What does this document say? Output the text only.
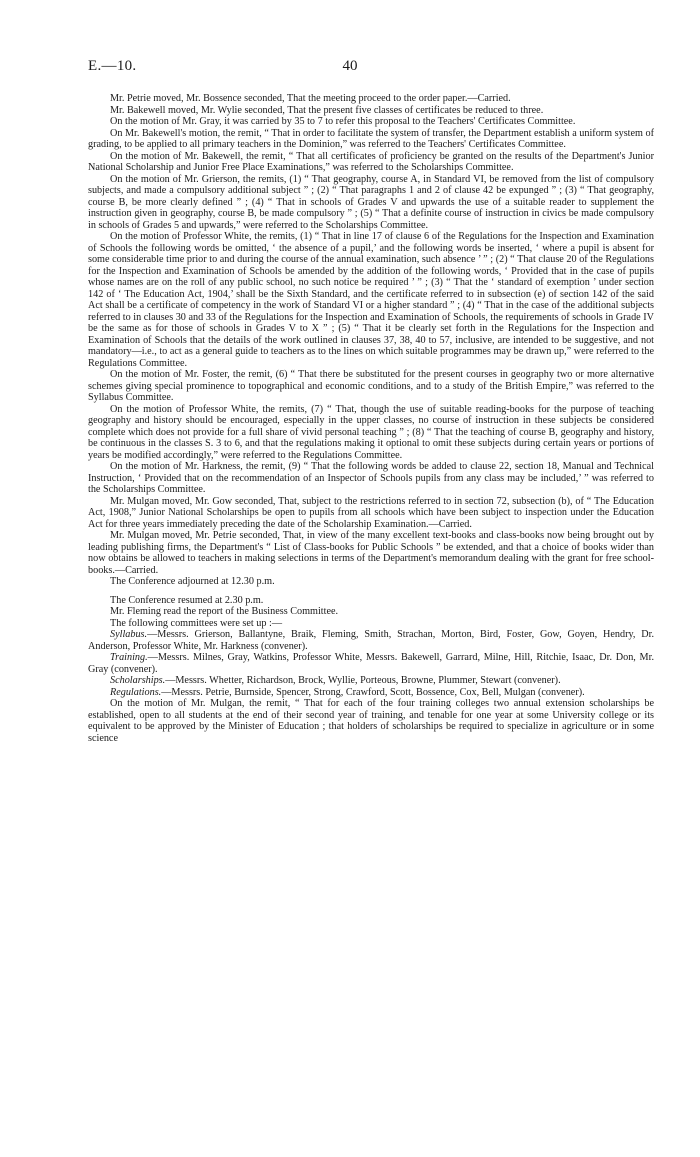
E.—10.	40

Mr. Petrie moved, Mr. Bossence seconded, That the meeting proceed to the order paper.—Carried.

Mr. Bakewell moved, Mr. Wylie seconded, That the present five classes of certificates be reduced to three.

On the motion of Mr. Gray, it was carried by 35 to 7 to refer this proposal to the Teachers' Certificates Committee.

On Mr. Bakewell's motion, the remit, “ That in order to facilitate the system of transfer, the Department establish a uniform system of grading, to be applied to all primary teachers in the Dominion,” was referred to the Teachers' Certificates Committee.

On the motion of Mr. Bakewell, the remit, “ That all certificates of proficiency be granted on the results of the Department's Junior National Scholarship and Junior Free Place Examinations,” was referred to the Scholarships Committee.

On the motion of Mr. Grierson, the remits, (1) “ That geography, course A, in Standard VI, be removed from the list of compulsory subjects, and made a compulsory additional subject ” ; (2) “ That paragraphs 1 and 2 of clause 42 be expunged ” ; (3) “ That geography, course B, be more clearly defined ” ; (4) “ That in schools of Grades V and upwards the use of a suitable reader to supplement the instruction given in geography, course B, be made compulsory ” ; (5) “ That a definite course of instruction in civics be made compulsory in schools of Grades 5 and upwards,” were referred to the Scholarships Committee.

On the motion of Professor White, the remits, (1) “ That in line 17 of clause 6 of the Regulations for the Inspection and Examination of Schools the following words be omitted, ‘ the absence of a pupil,’ and the following words be inserted, ‘ where a pupil is absent for some considerable time prior to and during the course of the annual examination, such absence ’ ” ; (2) “ That clause 20 of the Regulations for the Inspection and Examination of Schools be amended by the addition of the following words, ‘ Provided that in the case of pupils whose names are on the roll of any public school, no such notice be required ’ ” ; (3) “ That the ‘ standard of exemption ’ under section 142 of ‘ The Education Act, 1904,’ shall be the Sixth Standard, and the certificate referred to in subsection (e) of section 142 of the said Act shall be a certificate of competency in the work of Standard VI or a higher standard ” ; (4) “ That in the case of the additional subjects referred to in clauses 30 and 33 of the Regulations for the Inspection and Examination of Schools, the requirements of schools in Grade IV be the same as for those of schools in Grades V to X ” ; (5) “ That it be clearly set forth in the Regulations for the Inspection and Examination of Schools that the details of the work outlined in clauses 37, 38, 40 to 57, inclusive, are intended to be suggestive, and not mandatory—i.e., to act as a general guide to teachers as to the lines on which suitable programmes may be drawn up,” were referred to the Regulations Committee.

On the motion of Mr. Foster, the remit, (6) “ That there be substituted for the present courses in geography two or more alternative schemes giving special prominence to topographical and economic conditions, and to a study of the British Empire,” was referred to the Syllabus Committee.

On the motion of Professor White, the remits, (7) “ That, though the use of suitable reading-books for the purpose of teaching geography and history should be encouraged, especially in the upper classes, no course of instruction in these subjects be considered complete which does not provide for a full share of vivid personal teaching ” ; (8) “ That the teaching of course B, geography and history, be continuous in the classes S. 3 to 6, and that the regulations making it optional to omit these subjects during certain years or portions of years be modified accordingly,” were referred to the Regulations Committee.

On the motion of Mr. Harkness, the remit, (9) “ That the following words be added to clause 22, section 18, Manual and Technical Instruction, ‘ Provided that on the recommendation of an Inspector of Schools pupils from any class may be included,’ ” was referred to the Scholarships Committee.

Mr. Mulgan moved, Mr. Gow seconded, That, subject to the restrictions referred to in section 72, subsection (b), of “ The Education Act, 1908,” Junior National Scholarships be open to pupils from all schools which have been subject to inspection under the Education Act for three years immediately preceding the date of the Scholarship Examination.—Carried.

Mr. Mulgan moved, Mr. Petrie seconded, That, in view of the many excellent text-books and class-books now being brought out by leading publishing firms, the Department's “ List of Class-books for Public Schools ” be extended, and that a choice of books wider than now obtains be allowed to teachers in making selections in terms of the Department's memorandum dealing with the grant for free school-books.—Carried.

The Conference adjourned at 12.30 p.m.

The Conference resumed at 2.30 p.m.

Mr. Fleming read the report of the Business Committee.

The following committees were set up :—

Syllabus.—Messrs. Grierson, Ballantyne, Braik, Fleming, Smith, Strachan, Morton, Bird, Foster, Gow, Goyen, Hendry, Dr. Anderson, Professor White, Mr. Harkness (convener).

Training.—Messrs. Milnes, Gray, Watkins, Professor White, Messrs. Bakewell, Garrard, Milne, Hill, Ritchie, Isaac, Dr. Don, Mr. Gray (convener).

Scholarships.—Messrs. Whetter, Richardson, Brock, Wyllie, Porteous, Browne, Plummer, Stewart (convener).

Regulations.—Messrs. Petrie, Burnside, Spencer, Strong, Crawford, Scott, Bossence, Cox, Bell, Mulgan (convener).

On the motion of Mr. Mulgan, the remit, “ That for each of the four training colleges two annual extension scholarships be established, open to all students at the end of their second year of training, and tenable for one year at some University college or its equivalent to be approved by the Minister of Education ; that holders of scholarships be required to specialize in agriculture or in some science
